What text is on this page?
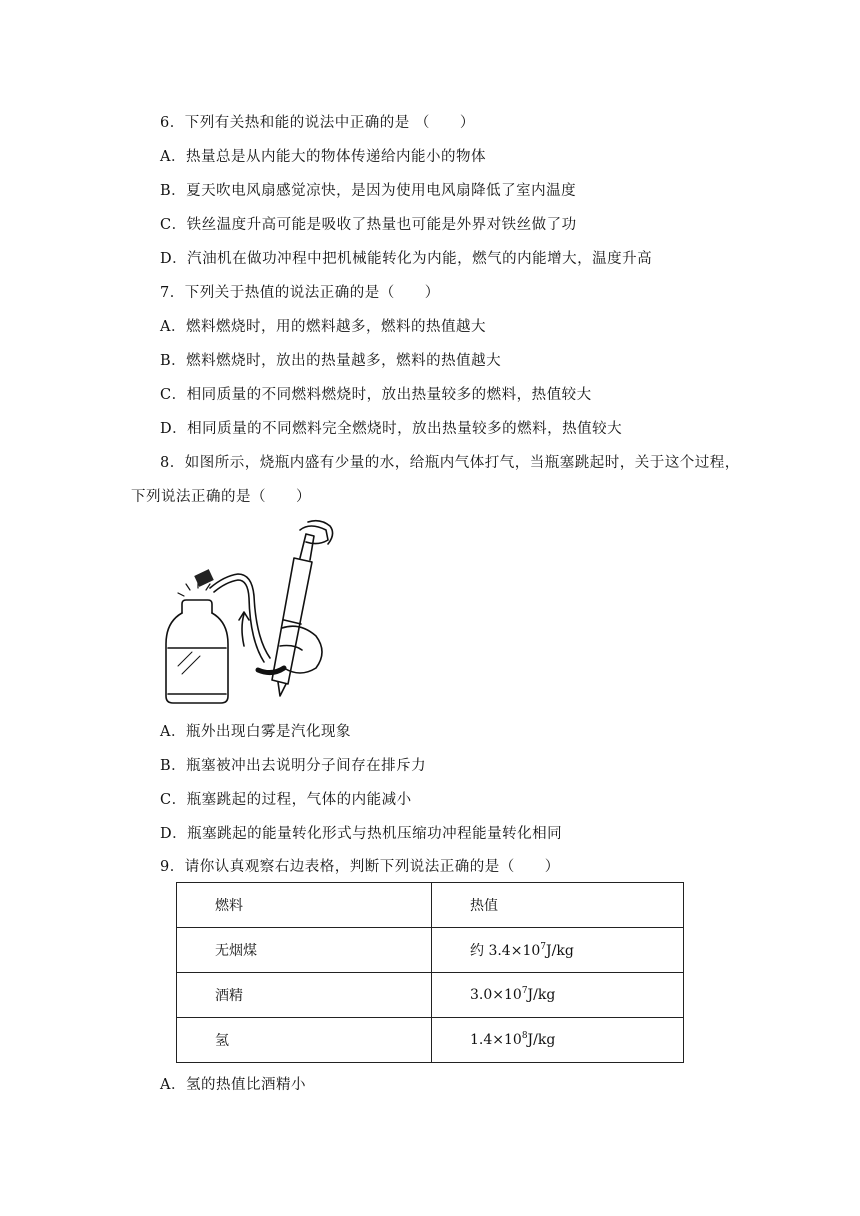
6．下列有关热和能的说法中正确的是 （　　）
A．热量总是从内能大的物体传递给内能小的物体
B．夏天吹电风扇感觉凉快，是因为使用电风扇降低了室内温度
C．铁丝温度升高可能是吸收了热量也可能是外界对铁丝做了功
D．汽油机在做功冲程中把机械能转化为内能，燃气的内能增大，温度升高
7．下列关于热值的说法正确的是（　　）
A．燃料燃烧时，用的燃料越多，燃料的热值越大
B．燃料燃烧时，放出的热量越多，燃料的热值越大
C．相同质量的不同燃料燃烧时，放出热量较多的燃料，热值较大
D．相同质量的不同燃料完全燃烧时，放出热量较多的燃料，热值较大
8．如图所示，烧瓶内盛有少量的水，给瓶内气体打气，当瓶塞跳起时，关于这个过程，
下列说法正确的是（　　）
A．瓶外出现白雾是汽化现象
B．瓶塞被冲出去说明分子间存在排斥力
C．瓶塞跳起的过程，气体的内能减小
D．瓶塞跳起的能量转化形式与热机压缩功冲程能量转化相同
9．请你认真观察右边表格，判断下列说法正确的是（　　）
燃料	热值
无烟煤	约 $3.4\times 10^7J/kg$
酒精	$3.0\times 10^7J/kg$
氢	$1.4\times 10^8J/kg$
A．氢的热值比酒精小
